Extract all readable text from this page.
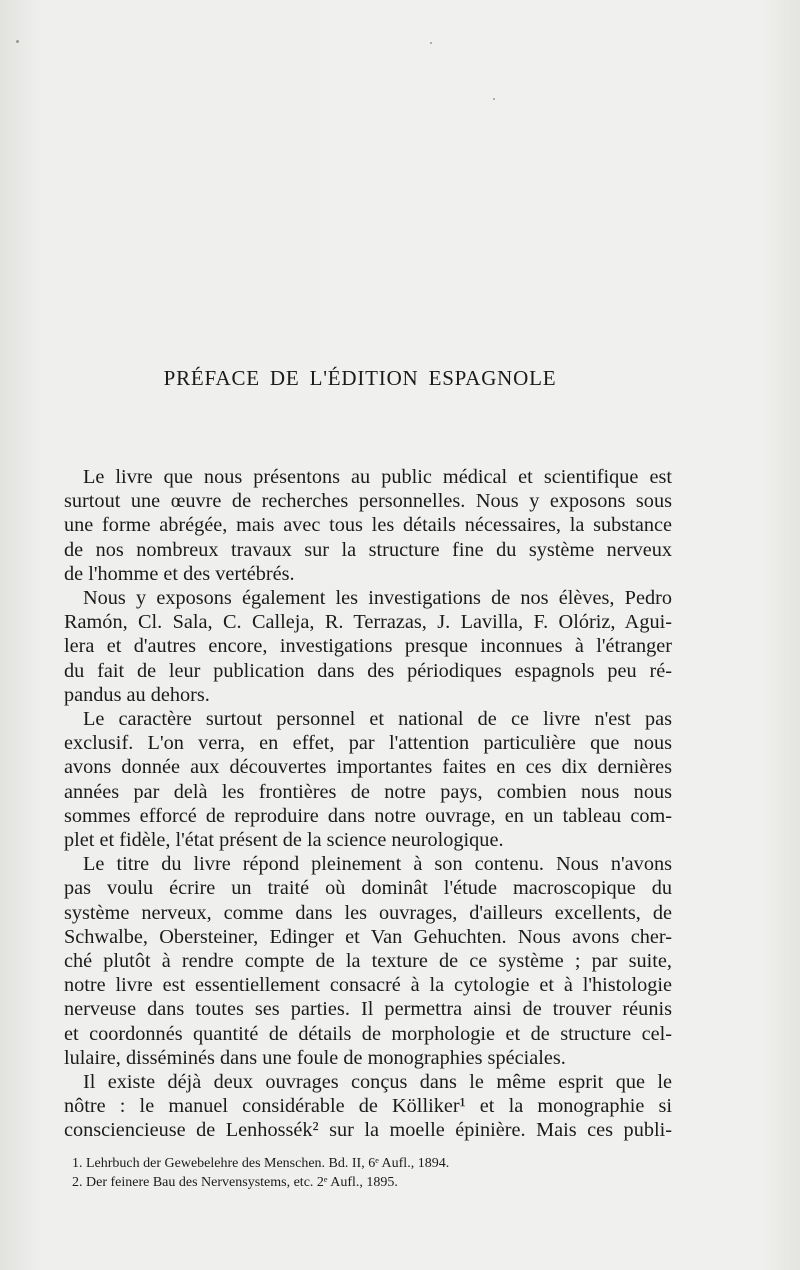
PRÉFACE DE L'ÉDITION ESPAGNOLE
Le livre que nous présentons au public médical et scientifique est
surtout une œuvre de recherches personnelles. Nous y exposons sous
une forme abrégée, mais avec tous les détails nécessaires, la substance
de nos nombreux travaux sur la structure fine du système nerveux
de l'homme et des vertébrés.
Nous y exposons également les investigations de nos élèves, Pedro
Ramón, Cl. Sala, C. Calleja, R. Terrazas, J. Lavilla, F. Olóriz, Agui-
lera et d'autres encore, investigations presque inconnues à l'étranger
du fait de leur publication dans des périodiques espagnols peu ré-
pandus au dehors.
Le caractère surtout personnel et national de ce livre n'est pas
exclusif. L'on verra, en effet, par l'attention particulière que nous
avons donnée aux découvertes importantes faites en ces dix dernières
années par delà les frontières de notre pays, combien nous nous
sommes efforcé de reproduire dans notre ouvrage, en un tableau com-
plet et fidèle, l'état présent de la science neurologique.
Le titre du livre répond pleinement à son contenu. Nous n'avons
pas voulu écrire un traité où dominât l'étude macroscopique du
système nerveux, comme dans les ouvrages, d'ailleurs excellents, de
Schwalbe, Obersteiner, Edinger et Van Gehuchten. Nous avons cher-
ché plutôt à rendre compte de la texture de ce système ; par suite,
notre livre est essentiellement consacré à la cytologie et à l'histologie
nerveuse dans toutes ses parties. Il permettra ainsi de trouver réunis
et coordonnés quantité de détails de morphologie et de structure cel-
lulaire, disséminés dans une foule de monographies spéciales.
Il existe déjà deux ouvrages conçus dans le même esprit que le
nôtre : le manuel considérable de Kölliker¹ et la monographie si
consciencieuse de Lenhossék² sur la moelle épinière. Mais ces publi-
1. Lehrbuch der Gewebelehre des Menschen. Bd. II, 6ᵉ Aufl., 1894.
2. Der feinere Bau des Nervensystems, etc. 2ᵉ Aufl., 1895.
